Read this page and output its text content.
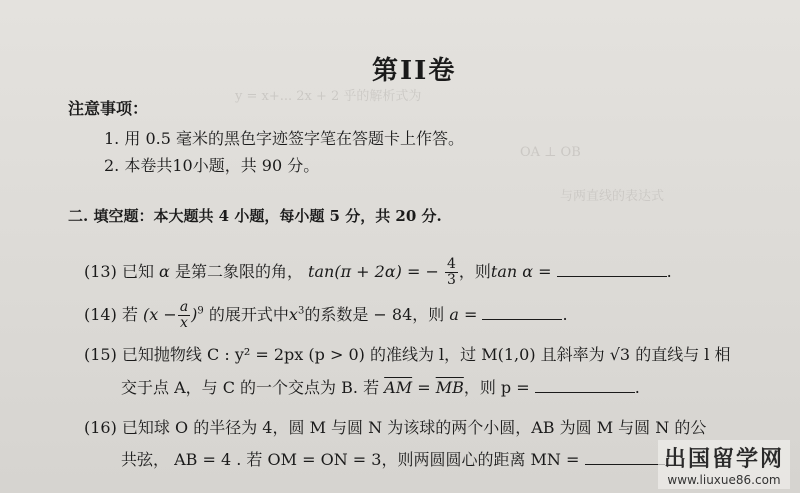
y = x+... 2x + 2 乎的解析式为
OA ⊥ OB
与两直线的表达式
第II卷
注意事项：
1. 用 0.5 毫米的黑色字迹签字笔在答题卡上作答。
2. 本卷共10小题，共 90 分。
二. 填空题：本大题共 4 小题，每小题 5 分，共 20 分.
(13) 已知 α 是第二象限的角， tan(π + 2α) = − $\frac{4}{3}$ ，则tan α =	.
(14) 若 $(x - \frac{a}{x} )^9$ 的展开式中$x^3$的系数是 − 84，则 a =	.
(15) 已知抛物线 C : y² = 2px (p > 0) 的准线为 l，过 M(1,0) 且斜率为 √3 的直线与 l 相
交于点 A，与 C 的一个交点为 B. 若 $\overline{AM} = \overline{MB}$，则 p =	.
(16) 已知球 O 的半径为 4，圆 M 与圆 N 为该球的两个小圆，AB 为圆 M 与圆 N 的公
共弦， AB = 4 . 若 OM = ON = 3，则两圆圆心的距离 MN =	出国留学网
www.liuxue86.com
